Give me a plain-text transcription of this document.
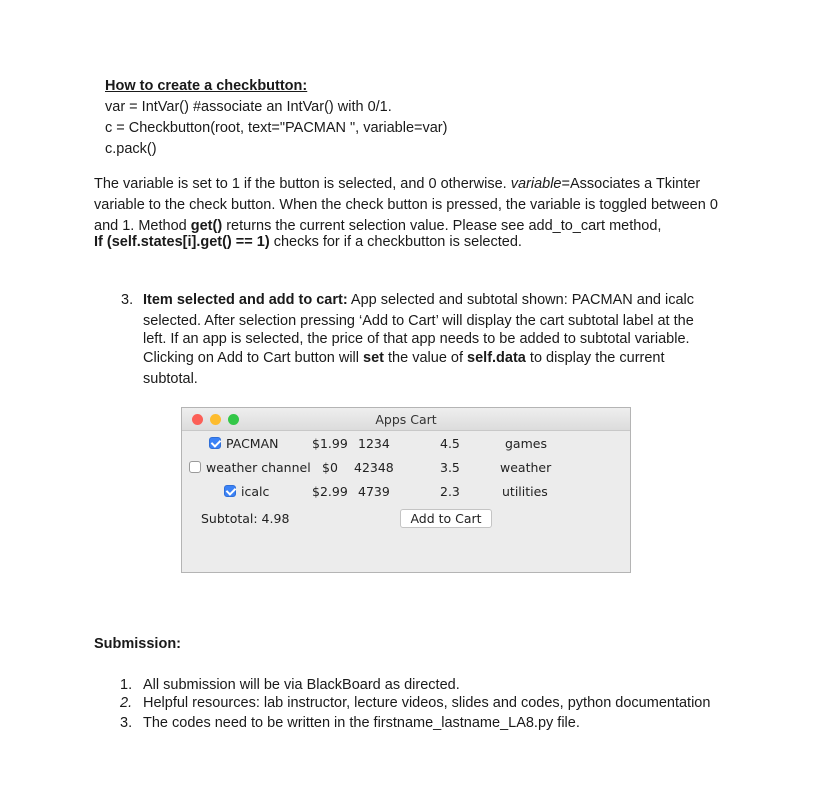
How to create a checkbutton:
var = IntVar() #associate an IntVar() with 0/1.
c = Checkbutton(root, text="PACMAN ", variable=var)
c.pack()
The variable is set to 1 if the button is selected, and 0 otherwise. variable=Associates a Tkinter
variable to the check button. When the check button is pressed, the variable is toggled between 0
and 1. Method get() returns the current selection value. Please see add_to_cart method,
If (self.states[i].get() == 1) checks for if a checkbutton is selected.
3. Item selected and add to cart: App selected and subtotal shown: PACMAN and icalc
selected. After selection pressing ‘Add to Cart’ will display the cart subtotal label at the
left. If an app is selected, the price of that app needs to be added to subtotal variable.
Clicking on Add to Cart button will set the value of self.data to display the current
subtotal.
Apps Cart
PACMAN	$1.99 1234	4.5	games
weather channel $0 42348	3.5	weather
icalc	$2.99 4739	2.3	utilities
Subtotal: 4.98	Add to Cart
Submission:
1. All submission will be via BlackBoard as directed.
2. Helpful resources: lab instructor, lecture videos, slides and codes, python documentation
3. The codes need to be written in the firstname_lastname_LA8.py file.
